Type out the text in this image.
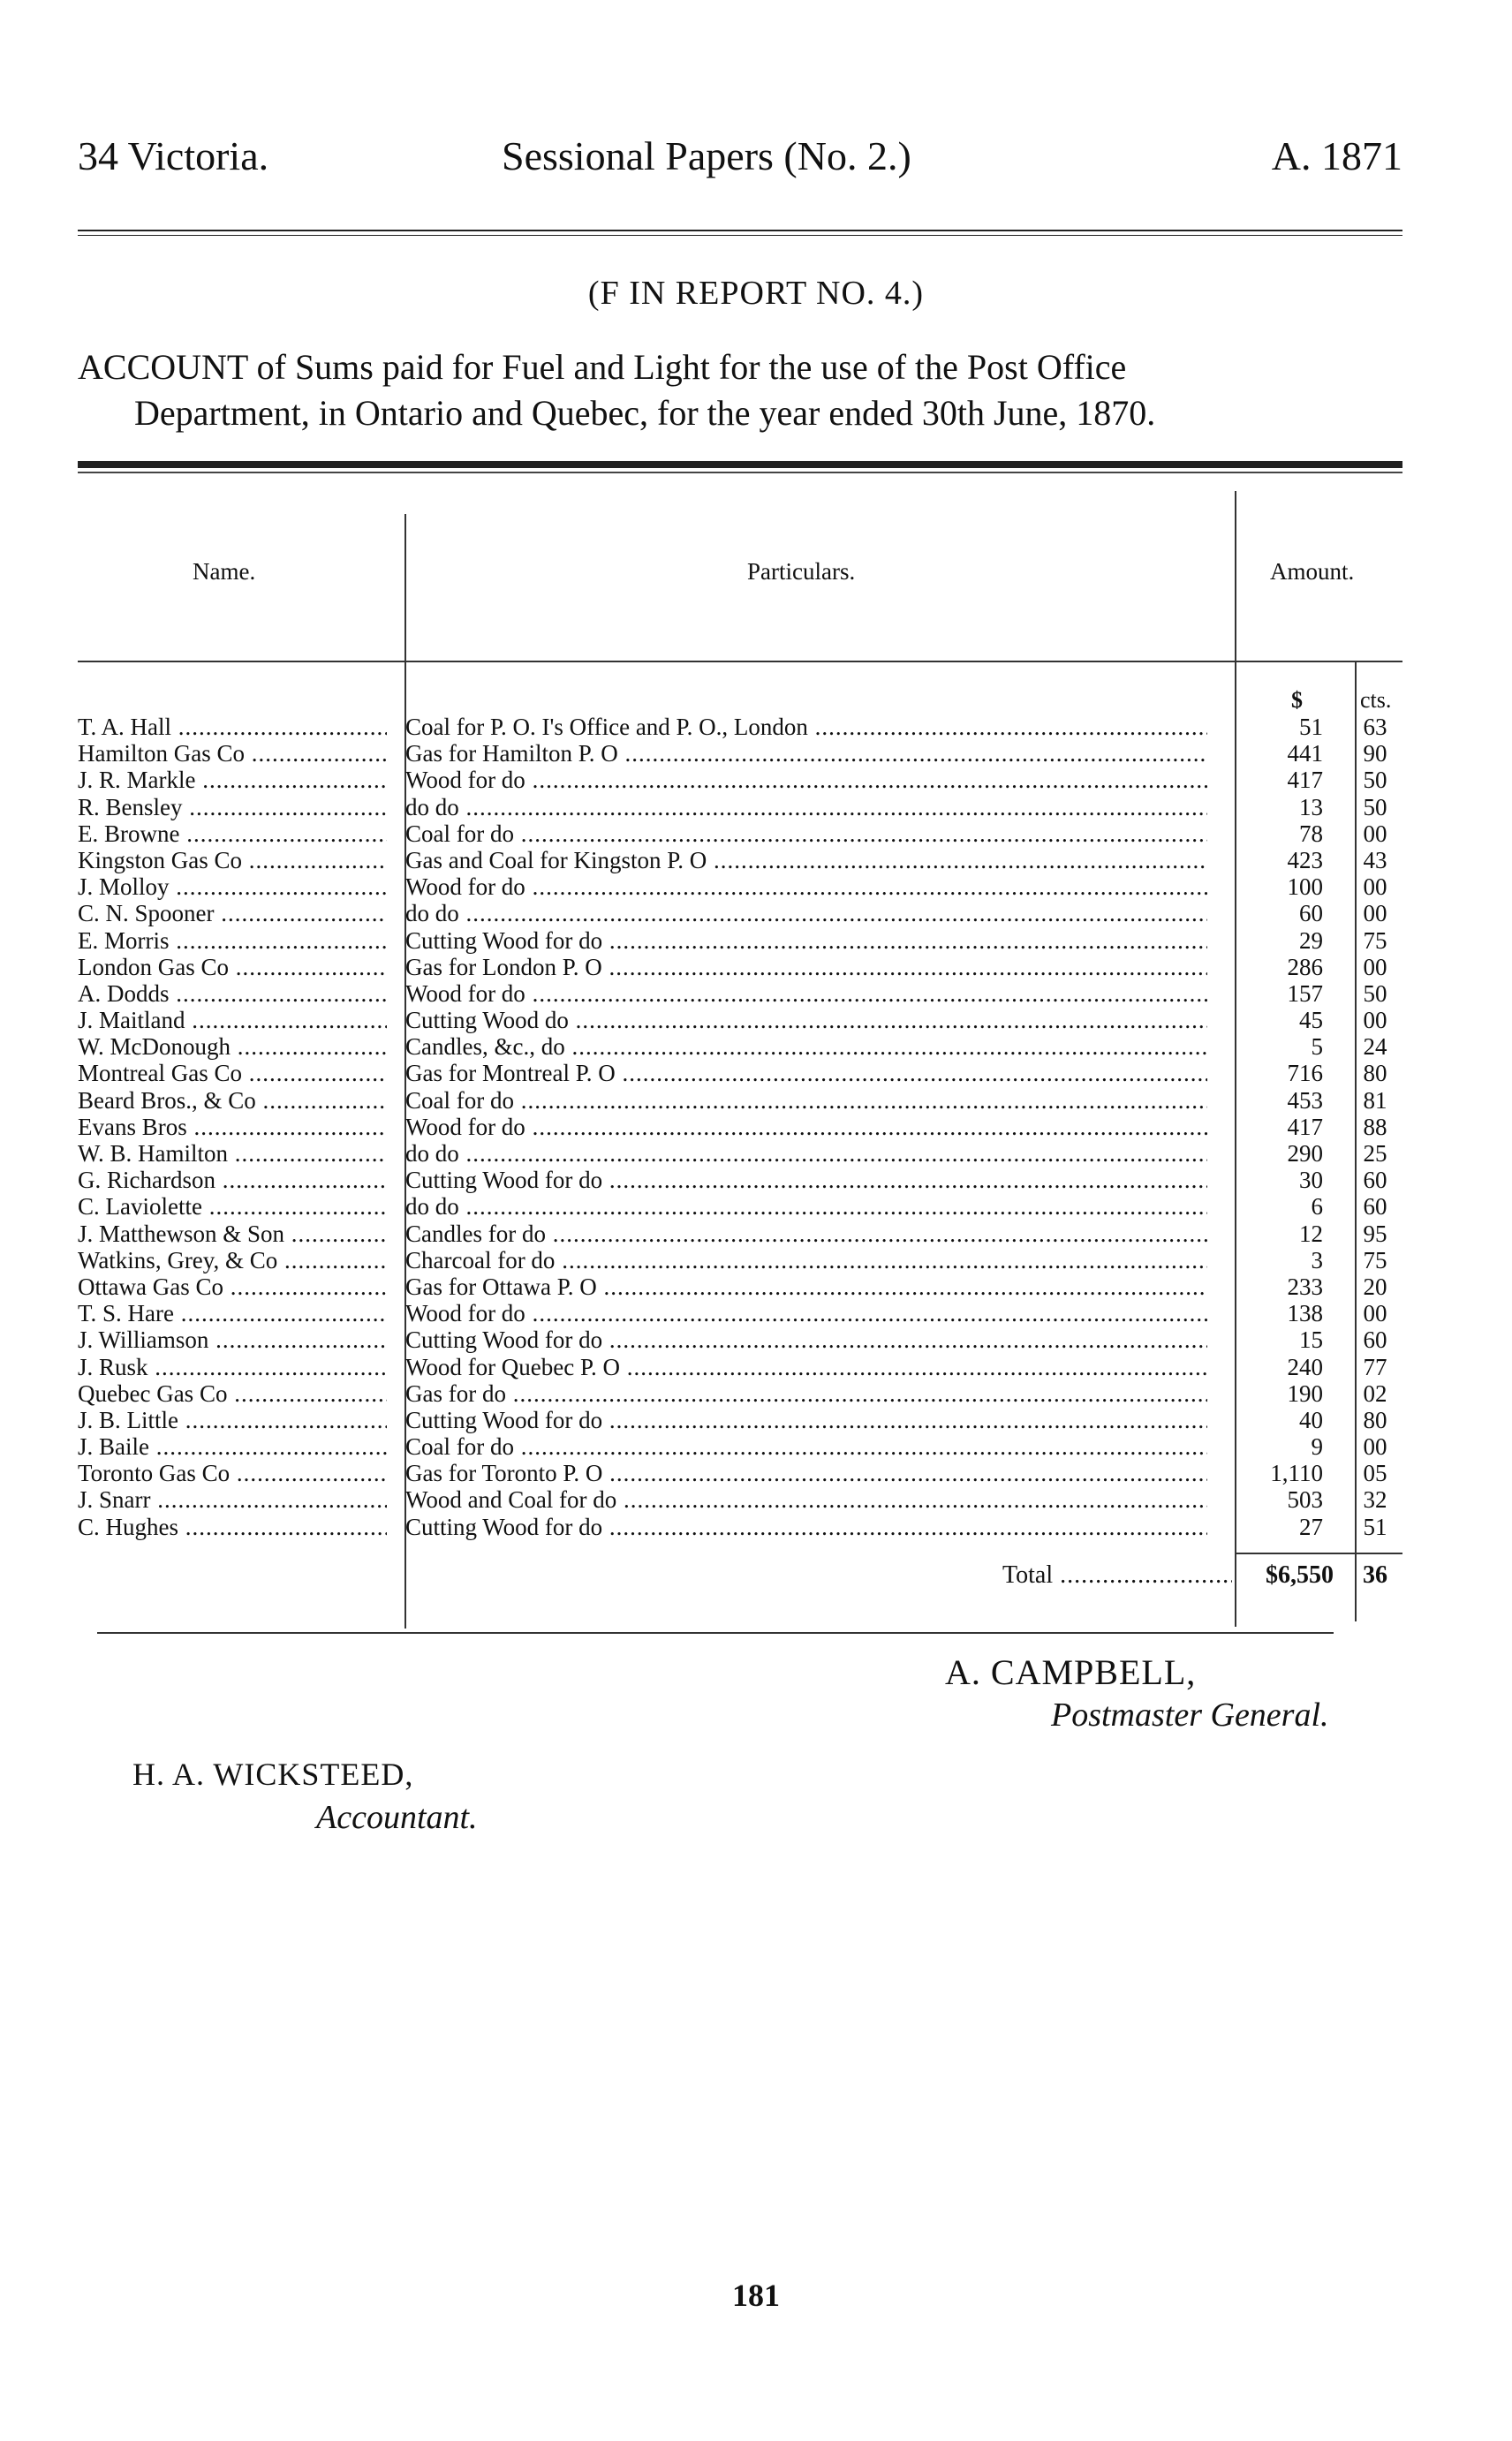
34 Victoria.	Sessional Papers (No. 2.)	A. 1871
(F IN REPORT NO. 4.)
ACCOUNT of Sums paid for Fuel and Light for the use of the Post Office
Department, in Ontario and Quebec, for the year ended 30th June, 1870.
Name.	Particulars.	Amount.
$	cts.
T. A. Hall .....	Coal for P. O. I's Office and P. O., London .....	51	63
Hamilton Gas Co .....	Gas for Hamilton P. O .....	441	90
J. R. Markle .....	Wood for do .....	417	50
R. Bensley .....	do do .....	13	50
E. Browne .....	Coal for do .....	78	00
Kingston Gas Co .....	Gas and Coal for Kingston P. O .....	423	43
J. Molloy .....	Wood for do .....	100	00
C. N. Spooner .....	do do .....	60	00
E. Morris .....	Cutting Wood for do .....	29	75
London Gas Co .....	Gas for London P. O .....	286	00
A. Dodds .....	Wood for do .....	157	50
J. Maitland .....	Cutting Wood do .....	45	00
W. McDonough .....	Candles, &c., do .....	5	24
Montreal Gas Co .....	Gas for Montreal P. O .....	716	80
Beard Bros., & Co .....	Coal for do .....	453	81
Evans Bros .....	Wood for do .....	417	88
W. B. Hamilton .....	do do .....	290	25
G. Richardson .....	Cutting Wood for do .....	30	60
C. Laviolette .....	do do .....	6	60
J. Matthewson & Son .....	Candles for do .....	12	95
Watkins, Grey, & Co .....	Charcoal for do .....	3	75
Ottawa Gas Co .....	Gas for Ottawa P. O .....	233	20
T. S. Hare .....	Wood for do .....	138	00
J. Williamson .....	Cutting Wood for do .....	15	60
J. Rusk .....	Wood for Quebec P. O .....	240	77
Quebec Gas Co .....	Gas for do .....	190	02
J. B. Little .....	Cutting Wood for do .....	40	80
J. Baile .....	Coal for do .....	9	00
Toronto Gas Co .....	Gas for Toronto P. O .....	1,110	05
J. Snarr .....	Wood and Coal for do .....	503	32
C. Hughes .....	Cutting Wood for do .....	27	51
Total .....	$6,550	36
A. CAMPBELL,
Postmaster General.
H. A. WICKSTEED,
Accountant.
181
